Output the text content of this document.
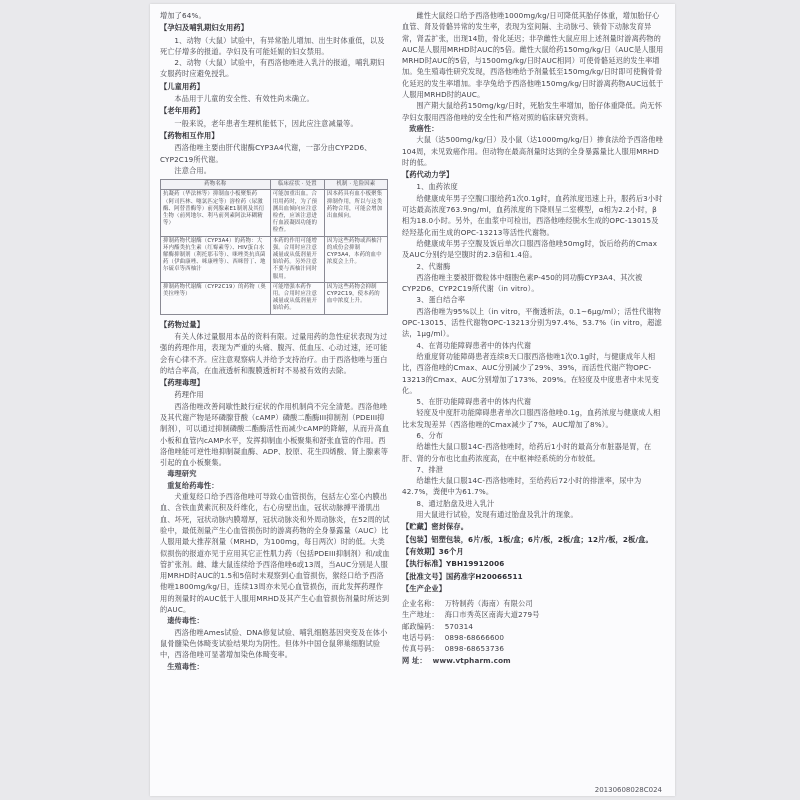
增加了64%。

【孕妇及哺乳期妇女用药】

1、动物（大鼠）试验中，有异常胎儿增加、出生时体重低，以及死亡仔增多的报道。孕妇及有可能妊娠的妇女禁用。

2、动物（大鼠）试验中，有西洛他唑进入乳汁的报道，哺乳期妇女服药时应避免授乳。

【儿童用药】

本品用于儿童的安全性、有效性尚未确立。

【老年用药】

一般来说，老年患者生理机能低下，因此应注意减量等。

【药物相互作用】

西洛他唑主要由肝代谢酶CYP3A4代谢，一部分由CYP2D6、CYP2C19所代谢。

注意合用。

药物名称	临床症状 · 处置	机制 · 危险因素
抗凝药（华法林等）抑制血小板聚集药（阿司匹林、噻氯匹定等）溶栓药（尿激酶、阿替普酶等）前列腺素E1制剂及其衍生物（前列地尔、利马前列素阿法环糊精等）	可能加重出血。合用用药时，为了预测出血倾向应注意检查，应该注意进行血液凝固功能的检查。	因本药具有血小板聚集抑制作用，所以与这类药物合用，可能会增加出血倾向。
抑制药物代谢酶（CYP3A4）的药物：大环内酯类抗生素（红霉素等）、HIV蛋白水解酶抑制剂（利托那韦等）、咪唑类抗真菌药（伊曲康唑、咪康唑等）、西咪替丁、地尔硫卓等西柚汁	本药的作用可能增强。合用时应注意减量或从低剂量开始给药。另外注意不要与西柚汁同时服用。	因为这些药物或西柚汁的成份会抑制CYP3A4，本药的血中浓度会上升。
抑制药物代谢酶（CYP2C19）的药物（奥美拉唑等）	可能增强本药作用。合用时应注意减量或从低剂量开始给药。	因为这些药物会抑制CYP2C19，使本药的血中浓度上升。
【药物过量】

有关人体过量服用本品的资料有限。过量用药的急性症状表现为过强的药理作用，表现为严重的头痛、腹泻、低血压、心动过速，还可能会有心律不齐。应注意观察病人并给予支持治疗。由于西洛他唑与蛋白的结合率高，在血液透析和腹膜透析时不易被有效的去除。

【药理毒理】

药理作用

西洛他唑改善间歇性跛行症状的作用机制尚不完全清楚。西洛他唑及其代谢产物是环磷腺苷酸（cAMP）磷酸二酯酶III抑制剂（PDEIII抑制剂），可以通过抑制磷酸二酯酶活性而减少cAMP的降解，从而升高血小板和血管内cAMP水平，发挥抑制血小板聚集和舒张血管的作用。西洛他唑能可逆性地抑制凝血酶、ADP、胶原、花生四烯酸、肾上腺素等引起的血小板聚集。

毒理研究

重复给药毒性：

犬重复经口给予西洛他唑可导致心血管损伤，包括左心室心内膜出血、含铁血黄素沉积及纤维化，右心房壁出血，冠状动脉搏平滑肌出血、坏死，冠状动脉内膜增厚，冠状动脉炎和外周动脉炎，在52周的试验中，最低剂量产生心血管损伤时的游离药物的全身暴露量（AUC）比人服用最大推荐剂量（MRHD，为100mg，每日两次）时的低。大类似损伤的报道亦见于应用其它正性肌力药（包括PDEIII抑制剂）和/或血管扩张剂。雌、雄大鼠连续给予西洛他唑6或13周，当AUC分别是人服用MRHD时AUC的1.5和5倍时未观察到心血管损伤，猴经口给予西洛他唑1800mg/kg/日，连续13周亦未见心血管损伤，而此发挥药理作用的剂量时的AUC低于人服用MRHD及其产生心血管损伤剂量时所达到的AUC。

遗传毒性：

西洛他唑Ames试验、DNA修复试验、哺乳细胞基因突变及在体小鼠骨髓染色体畸变试验结果均为阴性。但体外中国仓鼠卵巢细胞试验中，西洛他唑可显著增加染色体畸变率。

生殖毒性：

雌性大鼠经口给予西洛他唑1000mg/kg/日可降低其胎仔体重，增加胎仔心血管、肾及骨骼异常的发生率，表现为室间隔、主动脉弓、锁骨下动脉发育异常，肾盂扩张，出现14肋，骨化延迟；非孕雌性大鼠应用上述剂量时游离药物的AUC是人服用MRHD时AUC的5倍。雌性大鼠给药150mg/kg/日（AUC是人服用MRHD时AUC的5倍，与1500mg/kg/日时AUC相同）可使骨骼延迟的发生率增加。兔生殖毒性研究发现，西洛他唑给予剂量低至150mg/kg/日时即可使胸骨骨化延迟的发生率增加。非孕兔给予西洛他唑150mg/kg/日时游离药物AUC远低于人服用MRHD时的AUC。

围产期大鼠给药150mg/kg/日时，死胎发生率增加，胎仔体重降低。尚无怀孕妇女服用西洛他唑的安全性和严格对照的临床研究资料。

致癌性：

大鼠（达500mg/kg/日）及小鼠（达1000mg/kg/日）掺食法给予西洛他唑104周，未见致癌作用。但动物在最高剂量时达到的全身暴露量比人服用MRHD时的低。

【药代动力学】

1、血药浓度

给健康成年男子空腹口服给药1次0.1g时，血药浓度迅速上升，服药后3小时可达最高浓度763.9ng/ml，血药浓度的下降则呈二室模型，α相为2.2小时，β相为18.0小时。另外，在血浆中可检出，西洛他唑经脱水生成的OPC-13015及经羟基化而生成的OPC-13213等活性代谢物。

给健康成年男子空腹及饭后单次口服西洛他唑50mg时，饭后给药的Cmax及AUC分别约是空腹时的2.3倍和1.4倍。

2、代谢酶

西洛他唑主要被肝微粒体中细胞色素P-450的同功酶CYP3A4、其次被CYP2D6、CYP2C19所代谢（in vitro）。

3、蛋白结合率

西洛他唑为95%以上（in vitro，平衡透析法，0.1~6μg/ml）；活性代谢物OPC-13015、活性代谢物OPC-13213分别为97.4%、53.7%（in vitro，超滤法，1μg/ml）。

4、在肾功能障碍患者中的体内代谢

给重度肾功能障碍患者连续8天口服西洛他唑1次0.1g时，与健康成年人相比，西洛他唑的Cmax、AUC分别减少了29%、39%，而活性代谢产物OPC-13213的Cmax、AUC分别增加了173%、209%。在轻度及中度患者中未见变化。

5、在肝功能障碍患者中的体内代谢

轻度及中度肝功能障碍患者单次口服西洛他唑0.1g，血药浓度与健康成人相比未发现差异（西洛他唑的Cmax减少了7%，AUC增加了8%）。

6、分布

给雄性大鼠口服14C-西洛他唑时，给药后1小时的最高分布脏器是胃，在肝、肾的分布也比血药浓度高，在中枢神经系统的分布较低。

7、排泄

给雄性大鼠口服14C-西洛他唑时，至给药后72小时的排泄率，尿中为42.7%，粪便中为61.7%。

8、通过胎盘及进入乳汁

用大鼠进行试验，发现有通过胎盘及乳汁的现象。

【贮藏】密封保存。
【包装】铝塑包装，6片/板，1板/盒；6片/板，2板/盒；12片/板，2板/盒。
【有效期】36个月
【执行标准】YBH19912006
【批准文号】国药准字H20066511
【生产企业】
企业名称： 万特制药（海南）有限公司
生产地址： 海口市秀英区南海大道279号
邮政编码： 570314
电话号码： 0898-68666600
传真号码： 0898-68653736
网 址： www.vtpharm.com
20130608028C024
